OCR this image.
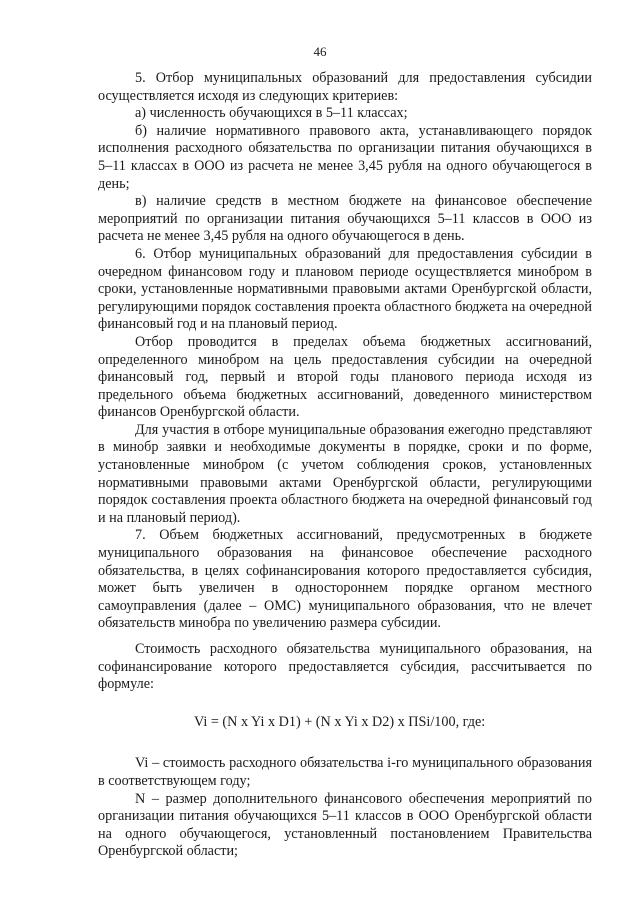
46

5. Отбор муниципальных образований для предоставления субсидии осуществляется исходя из следующих критериев:

а) численность обучающихся в 5–11 классах;

б) наличие нормативного правового акта, устанавливающего порядок исполнения расходного обязательства по организации питания обучающихся в 5–11 классах в ООО из расчета не менее 3,45 рубля на одного обучающегося в день;

в) наличие средств в местном бюджете на финансовое обеспечение мероприятий по организации питания обучающихся 5–11 классов в ООО из расчета не менее 3,45 рубля на одного обучающегося в день.

6. Отбор муниципальных образований для предоставления субсидии в очередном финансовом году и плановом периоде осуществляется минобром в сроки, установленные нормативными правовыми актами Оренбургской области, регулирующими порядок составления проекта областного бюджета на очередной финансовый год и на плановый период.

Отбор проводится в пределах объема бюджетных ассигнований, определенного минобром на цель предоставления субсидии на очередной финансовый год, первый и второй годы планового периода исходя из предельного объема бюджетных ассигнований, доведенного министерством финансов Оренбургской области.

Для участия в отборе муниципальные образования ежегодно представляют в минобр заявки и необходимые документы в порядке, сроки и по форме, установленные минобром (с учетом соблюдения сроков, установленных нормативными правовыми актами Оренбургской области, регулирующими порядок составления проекта областного бюджета на очередной финансовый год и на плановый период).

7. Объем бюджетных ассигнований, предусмотренных в бюджете муниципального образования на финансовое обеспечение расходного обязательства, в целях софинансирования которого предоставляется субсидия, может быть увеличен в одностороннем порядке органом местного самоуправления (далее – ОМС) муниципального образования, что не влечет обязательств минобра по увеличению размера субсидии.

Стоимость расходного обязательства муниципального образования, на софинансирование которого предоставляется субсидия, рассчитывается по формуле:

Vi = (N x Yi x D1) + (N x Yi x D2) x ПSi/100, где:

Vi – стоимость расходного обязательства i-го муниципального образования в соответствующем году;

N – размер дополнительного финансового обеспечения мероприятий по организации питания обучающихся 5–11 классов в ООО Оренбургской области на одного обучающегося, установленный постановлением Правительства Оренбургской области;
